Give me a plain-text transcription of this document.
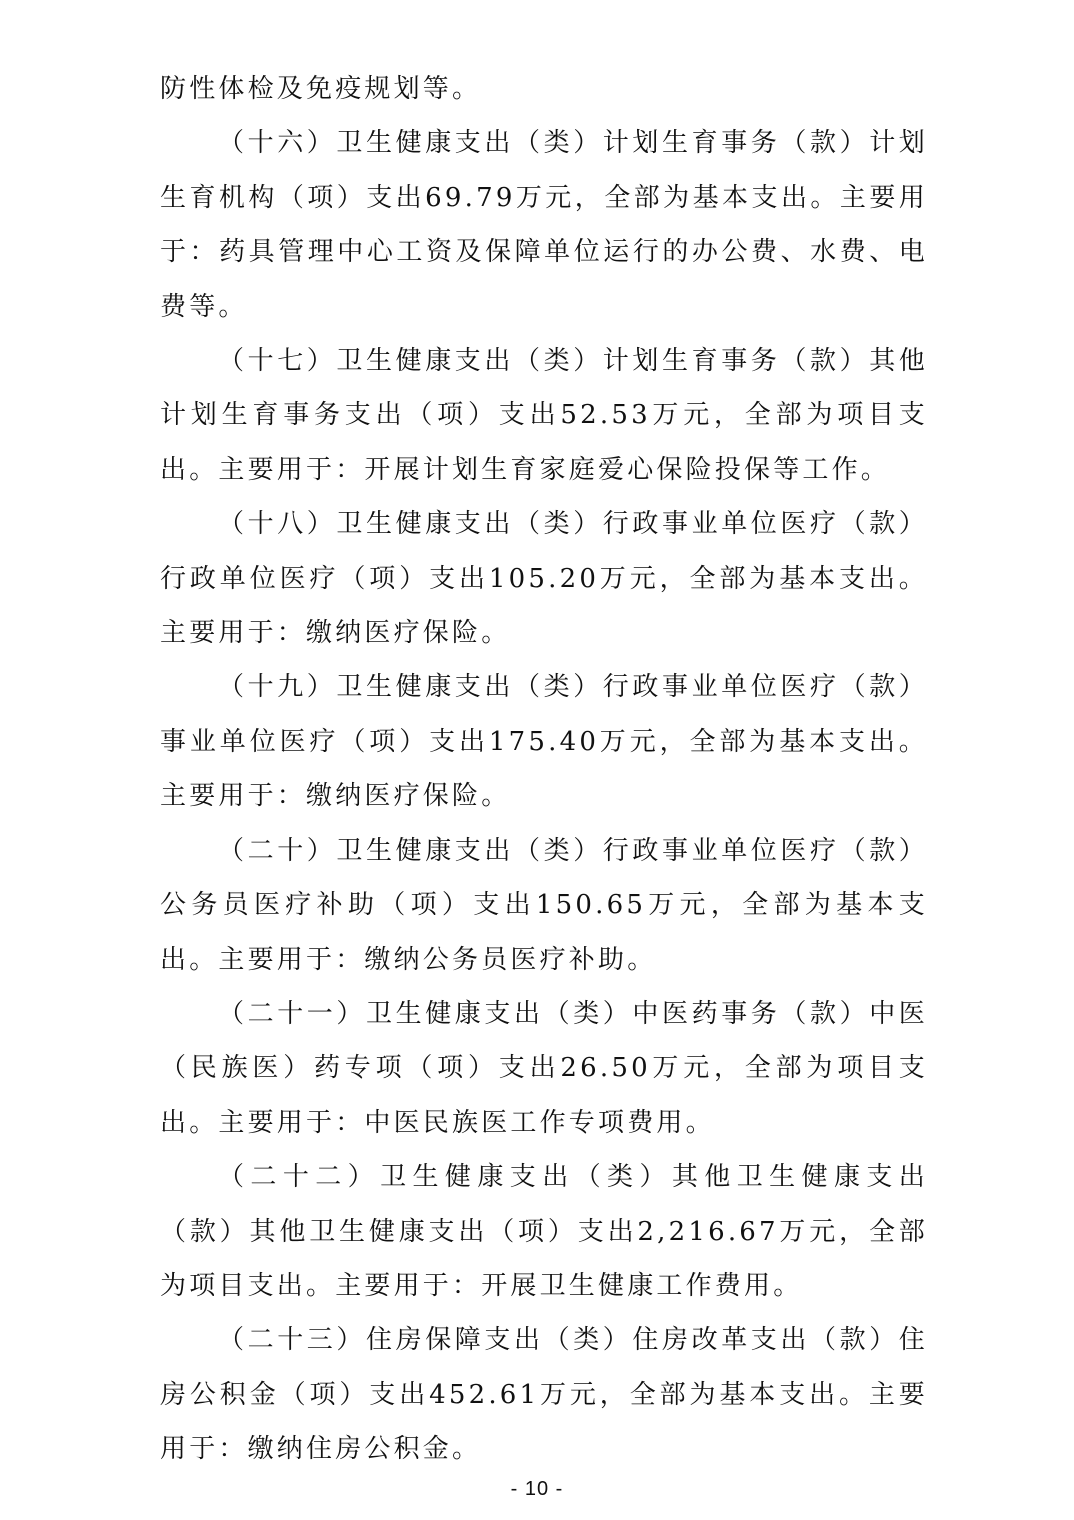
防性体检及免疫规划等。

（十六）卫生健康支出（类）计划生育事务（款）计划生育机构（项）支出69.79万元，全部为基本支出。主要用于：药具管理中心工资及保障单位运行的办公费、水费、电费等。

（十七）卫生健康支出（类）计划生育事务（款）其他计划生育事务支出（项）支出52.53万元，全部为项目支出。主要用于：开展计划生育家庭爱心保险投保等工作。

（十八）卫生健康支出（类）行政事业单位医疗（款）行政单位医疗（项）支出105.20万元，全部为基本支出。主要用于：缴纳医疗保险。

（十九）卫生健康支出（类）行政事业单位医疗（款）事业单位医疗（项）支出175.40万元，全部为基本支出。主要用于：缴纳医疗保险。

（二十）卫生健康支出（类）行政事业单位医疗（款）公务员医疗补助（项）支出150.65万元，全部为基本支出。主要用于：缴纳公务员医疗补助。

（二十一）卫生健康支出（类）中医药事务（款）中医（民族医）药专项（项）支出26.50万元，全部为项目支出。主要用于：中医民族医工作专项费用。

（二十二）卫生健康支出（类）其他卫生健康支出（款）其他卫生健康支出（项）支出2,216.67万元，全部为项目支出。主要用于：开展卫生健康工作费用。

（二十三）住房保障支出（类）住房改革支出（款）住房公积金（项）支出452.61万元，全部为基本支出。主要用于：缴纳住房公积金。

- 10 -
